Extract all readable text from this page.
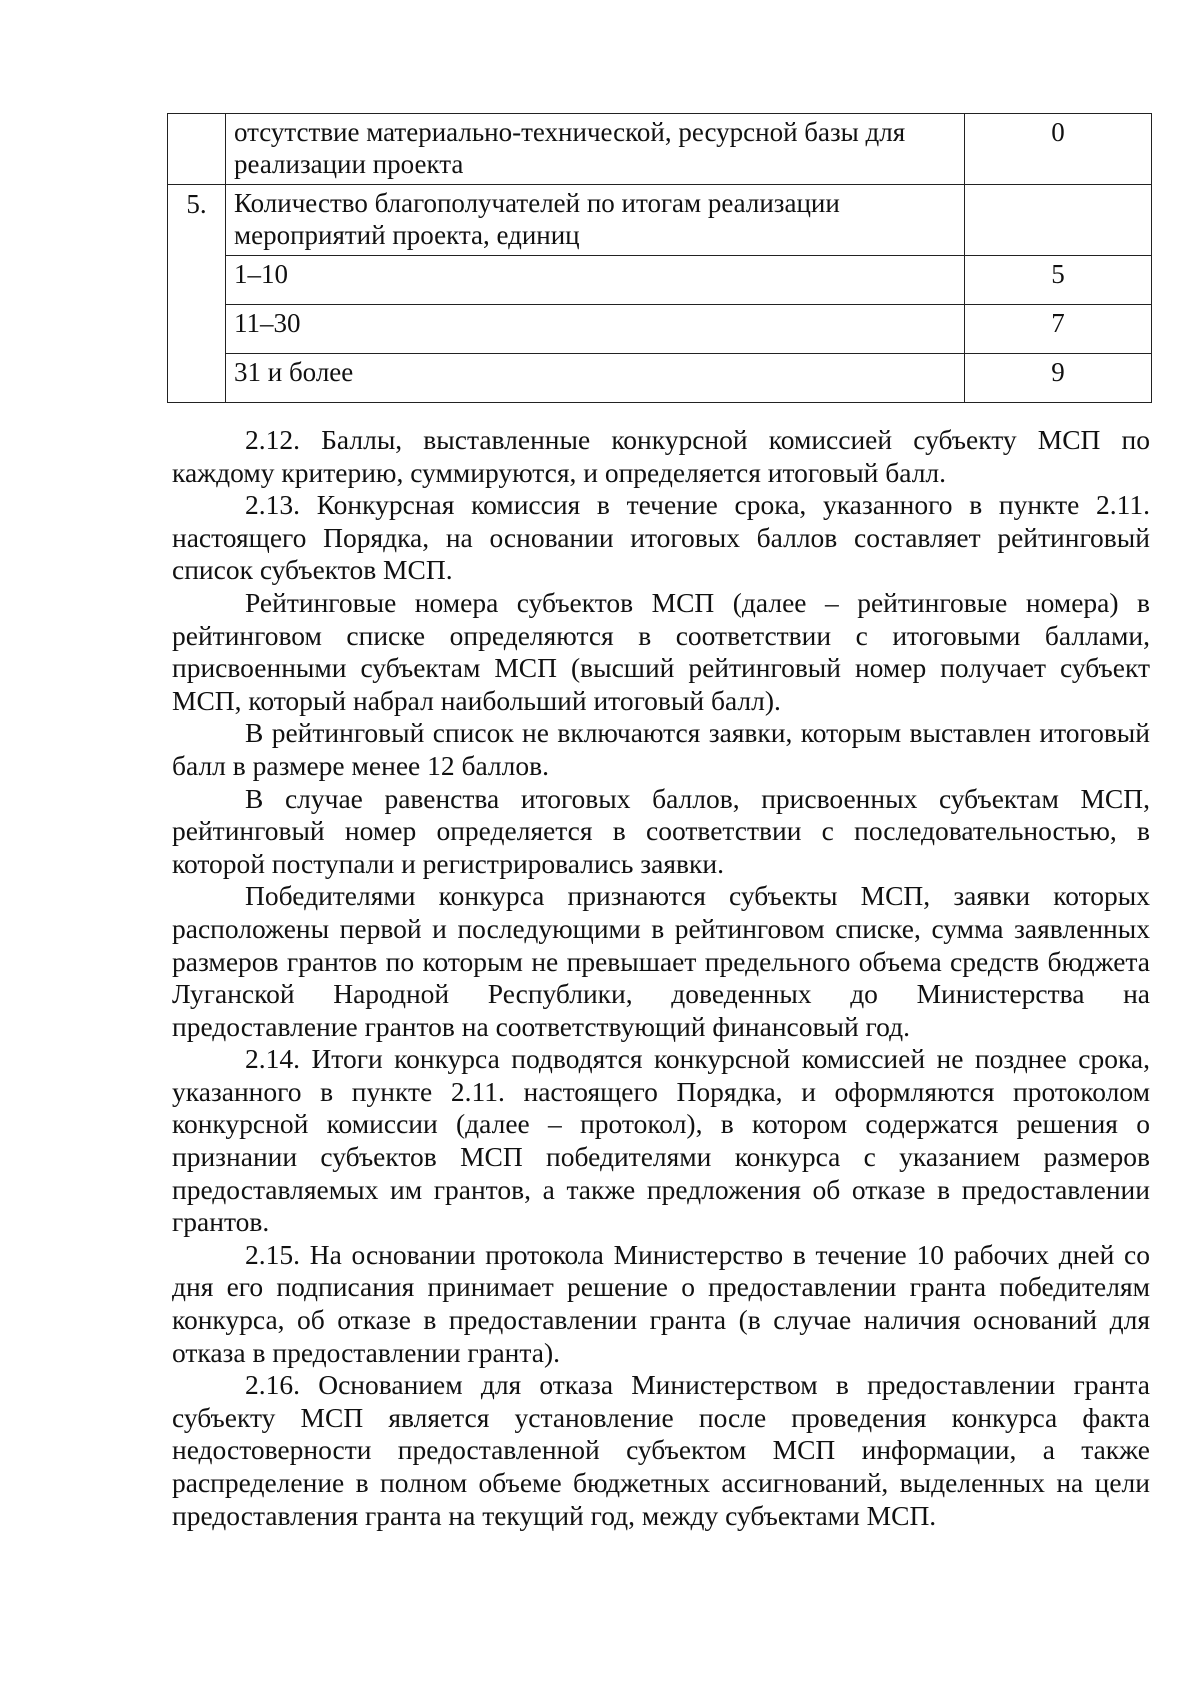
	отсутствие материально-технической, ресурсной базы для реализации проекта	0
5.	Количество благополучателей по итогам реализации мероприятий проекта, единиц	
	1–10	5
	11–30	7
	31 и более	9

2.12. Баллы, выставленные конкурсной комиссией субъекту МСП по каждому критерию, суммируются, и определяется итоговый балл.

2.13. Конкурсная комиссия в течение срока, указанного в пункте 2.11. настоящего Порядка, на основании итоговых баллов составляет рейтинговый список субъектов МСП.

Рейтинговые номера субъектов МСП (далее – рейтинговые номера) в рейтинговом списке определяются в соответствии с итоговыми баллами, присвоенными субъектам МСП (высший рейтинговый номер получает субъект МСП, который набрал наибольший итоговый балл).

В рейтинговый список не включаются заявки, которым выставлен итоговый балл в размере менее 12 баллов.

В случае равенства итоговых баллов, присвоенных субъектам МСП, рейтинговый номер определяется в соответствии с последовательностью, в которой поступали и регистрировались заявки.

Победителями конкурса признаются субъекты МСП, заявки которых расположены первой и последующими в рейтинговом списке, сумма заявленных размеров грантов по которым не превышает предельного объема средств бюджета Луганской Народной Республики, доведенных до Министерства на предоставление грантов на соответствующий финансовый год.

2.14. Итоги конкурса подводятся конкурсной комиссией не позднее срока, указанного в пункте 2.11. настоящего Порядка, и оформляются протоколом конкурсной комиссии (далее – протокол), в котором содержатся решения о признании субъектов МСП победителями конкурса с указанием размеров предоставляемых им грантов, а также предложения об отказе в предоставлении грантов.

2.15. На основании протокола Министерство в течение 10 рабочих дней со дня его подписания принимает решение о предоставлении гранта победителям конкурса, об отказе в предоставлении гранта (в случае наличия оснований для отказа в предоставлении гранта).

2.16. Основанием для отказа Министерством в предоставлении гранта субъекту МСП является установление после проведения конкурса факта недостоверности предоставленной субъектом МСП информации, а также распределение в полном объеме бюджетных ассигнований, выделенных на цели предоставления гранта на текущий год, между субъектами МСП.
